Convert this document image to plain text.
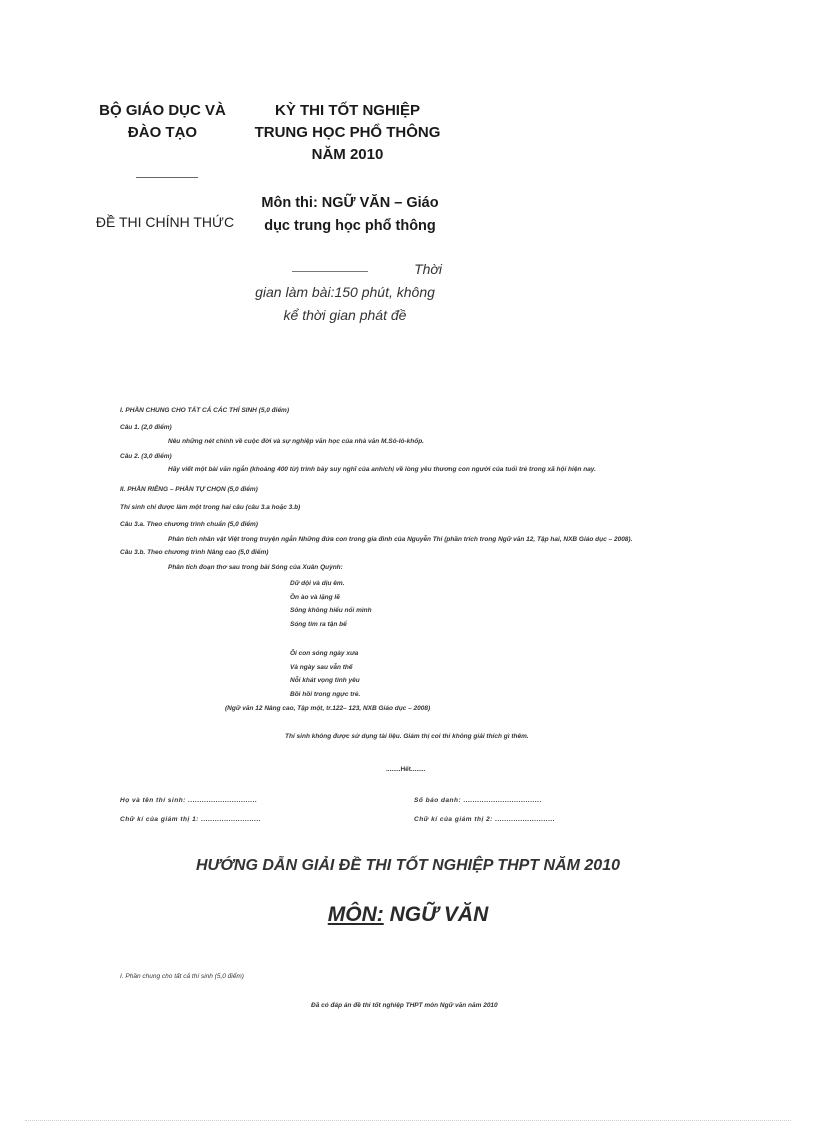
BỘ GIÁO DỤC VÀ
ĐÀO TẠO
KỲ THI TỐT NGHIỆP
TRUNG HỌC PHỔ THÔNG
NĂM 2010
ĐỀ THI CHÍNH THỨC
Môn thi: NGỮ VĂN – Giáo
dục trung học phổ thông
Thời
gian làm bài:150 phút, không
kể thời gian phát đề
I. PHẦN CHUNG CHO TẤT CẢ CÁC THÍ SINH (5,0 điểm)
Câu 1. (2,0 điểm)
Nêu những nét chính về cuộc đời và sự nghiệp văn học của nhà văn M.Sô-lô-khốp.
Câu 2. (3,0 điểm)
Hãy viết một bài văn ngắn (khoảng 400 từ) trình bày suy nghĩ của anh/chị về lòng yêu thương con người của tuổi trẻ trong xã hội hiện nay.
II. PHẦN RIÊNG – PHẦN TỰ CHỌN (5,0 điểm)
Thí sinh chỉ được làm một trong hai câu (câu 3.a hoặc 3.b)
Câu 3.a. Theo chương trình chuẩn (5,0 điểm)
Phân tích nhân vật Việt trong truyện ngắn Những đứa con trong gia đình của Nguyễn Thi (phần trích trong Ngữ văn 12, Tập hai, NXB Giáo dục – 2008).
Câu 3.b. Theo chương trình Nâng cao (5,0 điểm)
Phân tích đoạn thơ sau trong bài Sóng của Xuân Quỳnh:
Dữ dội và dịu êm.
Ồn ào và lặng lẽ
Sông không hiểu nổi mình
Sóng tìm ra tận bể
Ôi con sóng ngày xưa
Và ngày sau vẫn thế
Nỗi khát vọng tình yêu
Bồi hồi trong ngực trẻ.
(Ngữ văn 12 Nâng cao, Tập một, tr.122– 123, NXB Giáo dục – 2008)
Thí sinh không được sử dụng tài liệu. Giám thị coi thi không giải thích gì thêm.
........Hết........
Họ và tên thí sinh: ..............................	Số báo danh: ..................................
Chữ kí của giám thị 1: ..........................	Chữ kí của giám thị 2: ..........................
HƯỚNG DẪN GIẢI ĐỀ THI TỐT NGHIỆP THPT NĂM 2010
MÔN: NGỮ VĂN
I. Phần chung cho tất cả thí sinh (5,0 điểm)
Đã có đáp án đề thi tốt nghiệp THPT môn Ngữ văn năm 2010
